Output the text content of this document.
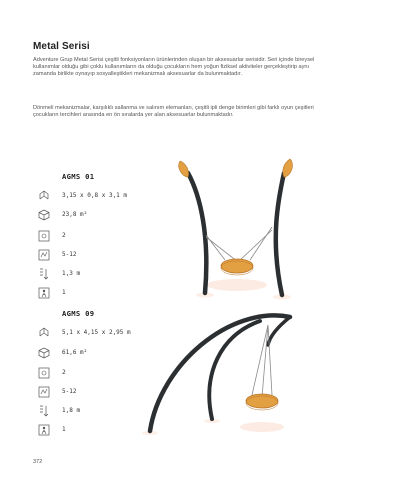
Metal Serisi
Adventure Grup Metal Serisi çeşitli fonksiyonların ürünlerinden oluşan bir aksesuarlar serisidir. Seri içinde bireysel kullanımlar olduğu gibi çoklu kullanımların da olduğu çocukların hem yoğun fiziksel aktiviteler gerçekleştirip aynı zamanda birlikte oynayıp sosyalleştikleri mekanizmalı aksesuarlar da bulunmaktadır.
Dönmeli mekanizmalar, karşılıklı sallanma ve salınım elemanları, çeşitli ipli denge birimleri gibi farklı oyun çeşitleri çocukların tercihleri arasında en ön sıralarda yer alan aksesuarlar bulunmaktadır.
AGMS 01
3,15 x 0,8 x 3,1 m
23,8 m²
2
5-12
1,3 m
1
AGMS 09
5,1 x 4,15 x 2,95 m
61,6 m²
2
5-12
1,8 m
1
372
